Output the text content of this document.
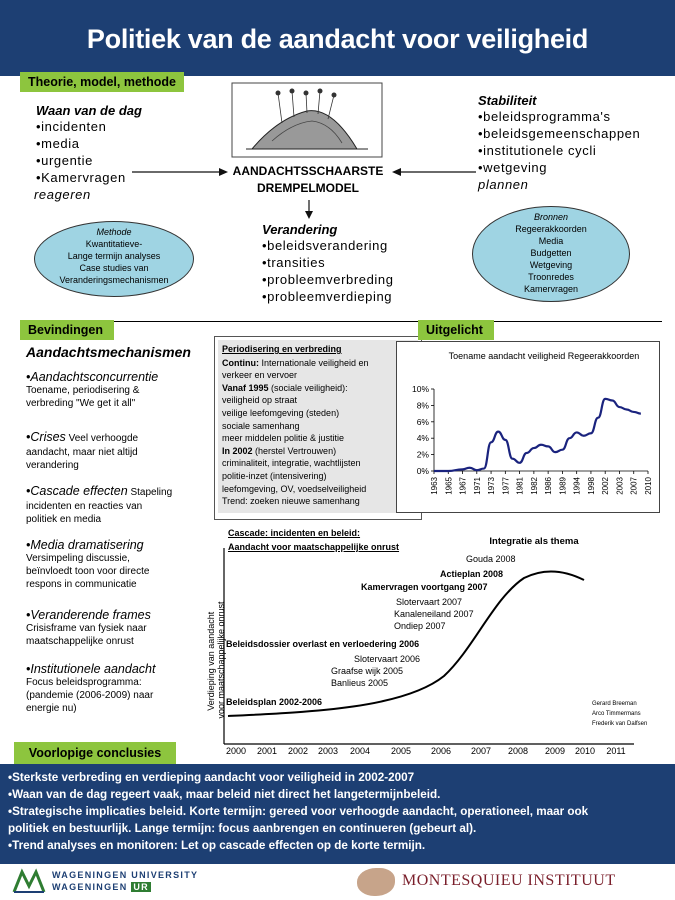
Politiek van de aandacht voor veiligheid
Theorie, model, methode
Waan van de dag
•incidenten
•media
•urgentie
•Kamervragen
reageren
AANDACHTSSCHAARSTE
DREMPELMODEL
Stabiliteit
•beleidsprogramma's
•beleidsgemeenschappen
•institutionele cycli
•wetgeving
plannen
Verandering
•beleidsverandering
•transities
•probleemverbreding
•probleemverdieping
Methode
Kwantitatieve-
Lange termijn analyses
Case studies van
Veranderingsmechanismen
Bronnen
Regeerakkoorden
Media
Budgetten
Wetgeving
Troonredes
Kamervragen
Bevindingen
Aandachtsmechanismen
•Aandachtsconcurrentie
Toename, periodisering &
verbreding "We get it all"
•Crises Veel verhoogde
aandacht, maar niet altijd
verandering
•Cascade effecten Stapeling
incidenten en reacties van
politiek en media
•Media dramatisering
Versimpeling discussie,
beïnvloedt toon voor directe
respons in communicatie
•Veranderende frames
Crisisframe van fysiek naar
maatschappelijke onrust
•Institutionele aandacht
Focus beleidsprogramma:
(pandemie (2006-2009) naar
energie nu)
Periodisering en verbreding
Continu: Internationale veiligheid en
verkeer en vervoer
Vanaf 1995 (sociale veiligheid):
veiligheid op straat
veilige leefomgeving (steden)
sociale samenhang
meer middelen politie & justitie
In 2002 (herstel Vertrouwen)
criminaliteit, integratie, wachtlijsten
politie-inzet (intensivering)
leefomgeving, OV, voedselveiligheid
Trend: zoeken nieuwe samenhang
Uitgelicht
Toename aandacht veiligheid Regeerakkoorden
0%
2%
4%
6%
8%
10%
1963 1965 1967 1971 1973 1977 1981 1982 1986 1989 1994 1998 2002 2003 2007 2010
Cascade: incidenten en beleid:
Aandacht voor maatschappelijke onrust
Verdieping van aandacht voor maatschappelijke onrust
2000 2001 2002 2003 2004 2005 2006 2007 2008 2009 2010 2011
Integratie als thema
Gouda 2008
Actieplan 2008
Kamervragen voortgang 2007
Slotervaart 2007
Kanaleneiland 2007
Ondiep 2007
Beleidsdossier overlast en verloedering 2006
Slotervaart 2006
Graafse wijk 2005
Banlieus 2005
Beleidsplan 2002-2006	Gerard Breeman
Arco Timmermans
Frederik van Dalfsen
•Sterkste verbreding en verdieping aandacht voor veiligheid in 2002-2007
•Waan van de dag regeert vaak, maar beleid niet direct het langetermijnbeleid.
•Strategische implicaties beleid. Korte termijn: gereed voor verhoogde aandacht, operationeel, maar ook
politiek en bestuurlijk. Lange termijn: focus aanbrengen en continueren (gebeurt al).
•Trend analyses en monitoren: Let op cascade effecten op de korte termijn.
Voorlopige conclusies
WAGENINGEN UNIVERSITY
WAGENINGEN UR	MONTESQUIEU INSTITUUT
